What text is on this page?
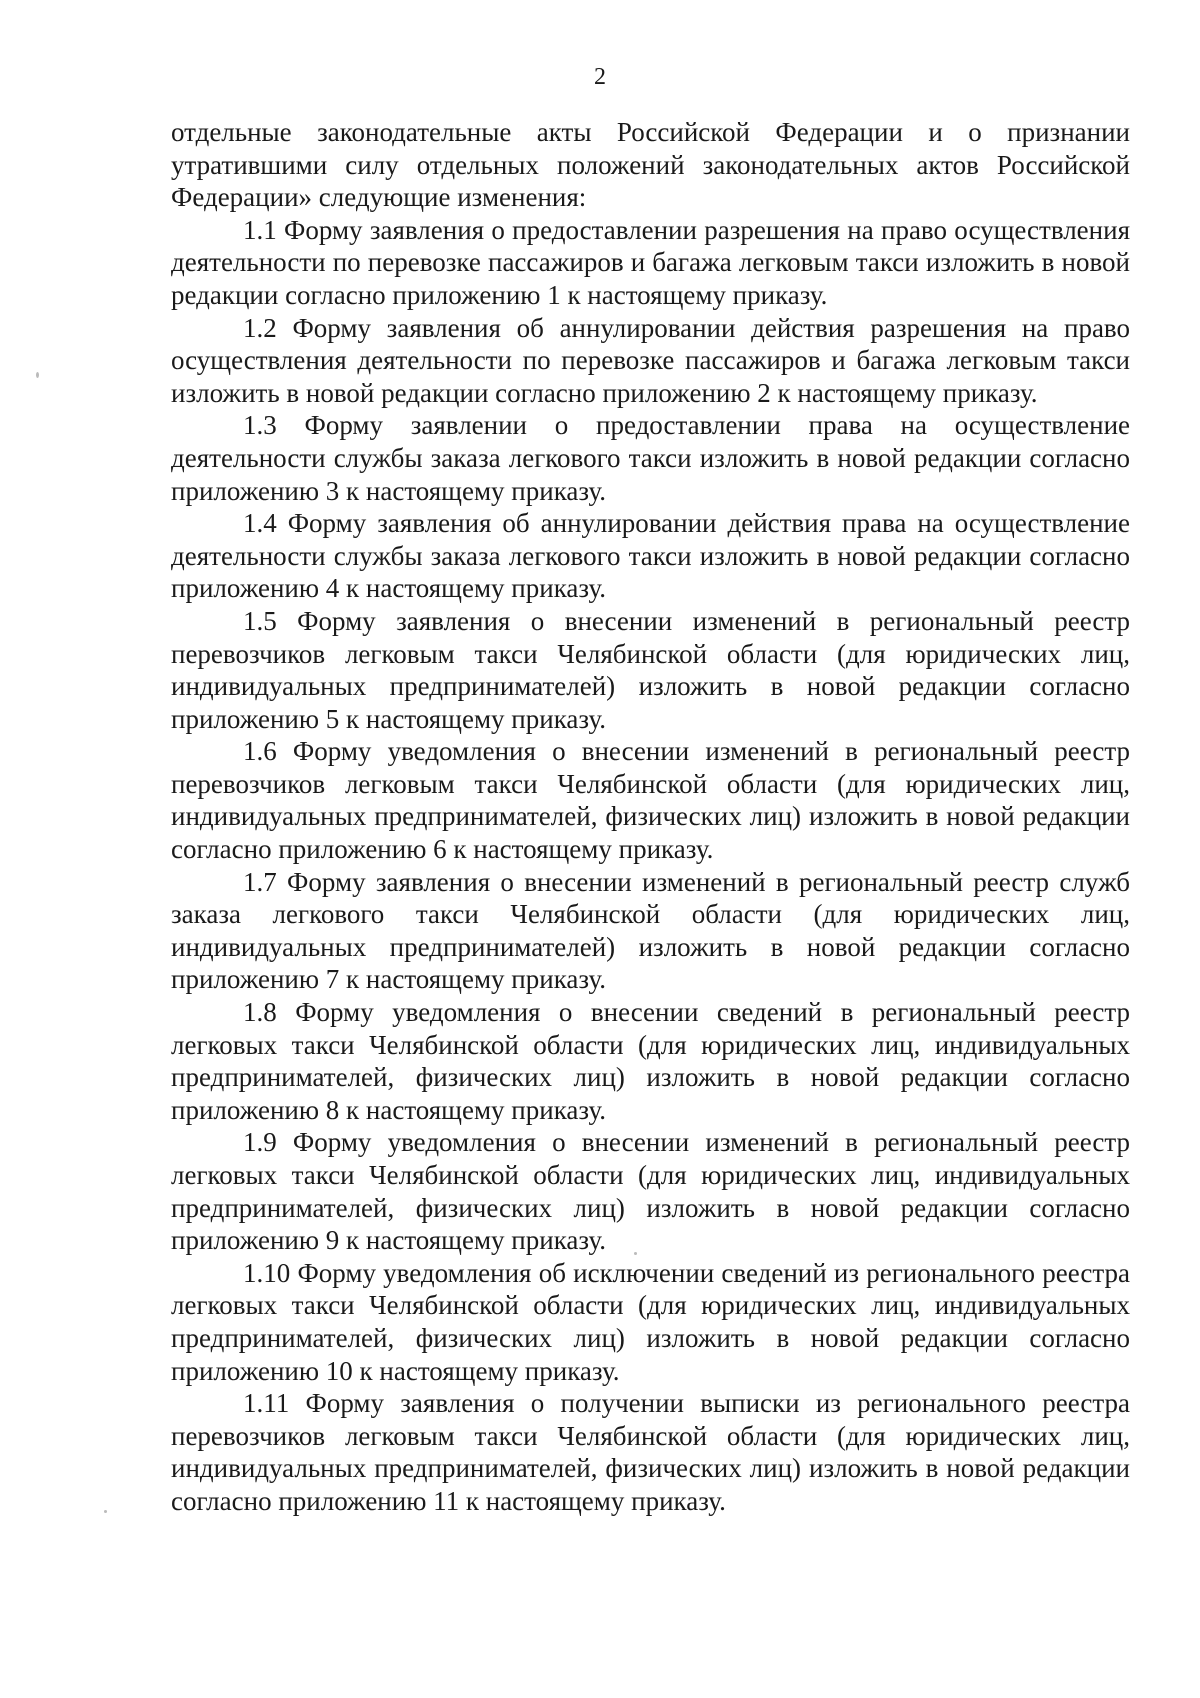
2

отдельные законодательные акты Российской Федерации и о признании утратившими силу отдельных положений законодательных актов Российской Федерации» следующие изменения:

1.1 Форму заявления о предоставлении разрешения на право осуществления деятельности по перевозке пассажиров и багажа легковым такси изложить в новой редакции согласно приложению 1 к настоящему приказу.

1.2 Форму заявления об аннулировании действия разрешения на право осуществления деятельности по перевозке пассажиров и багажа легковым такси изложить в новой редакции согласно приложению 2 к настоящему приказу.

1.3 Форму заявлении о предоставлении права на осуществление деятельности службы заказа легкового такси изложить в новой редакции согласно приложению 3 к настоящему приказу.

1.4 Форму заявления об аннулировании действия права на осуществление деятельности службы заказа легкового такси изложить в новой редакции согласно приложению 4 к настоящему приказу.

1.5 Форму заявления о внесении изменений в региональный реестр перевозчиков легковым такси Челябинской области (для юридических лиц, индивидуальных предпринимателей) изложить в новой редакции согласно приложению 5 к настоящему приказу.

1.6 Форму уведомления о внесении изменений в региональный реестр перевозчиков легковым такси Челябинской области (для юридических лиц, индивидуальных предпринимателей, физических лиц) изложить в новой редакции согласно приложению 6 к настоящему приказу.

1.7 Форму заявления о внесении изменений в региональный реестр служб заказа легкового такси Челябинской области (для юридических лиц, индивидуальных предпринимателей) изложить в новой редакции согласно приложению 7 к настоящему приказу.

1.8 Форму уведомления о внесении сведений в региональный реестр легковых такси Челябинской области (для юридических лиц, индивидуальных предпринимателей, физических лиц) изложить в новой редакции согласно приложению 8 к настоящему приказу.

1.9 Форму уведомления о внесении изменений в региональный реестр легковых такси Челябинской области (для юридических лиц, индивидуальных предпринимателей, физических лиц) изложить в новой редакции согласно приложению 9 к настоящему приказу.

1.10 Форму уведомления об исключении сведений из регионального реестра легковых такси Челябинской области (для юридических лиц, индивидуальных предпринимателей, физических лиц) изложить в новой редакции согласно приложению 10 к настоящему приказу.

1.11 Форму заявления о получении выписки из регионального реестра перевозчиков легковым такси Челябинской области (для юридических лиц, индивидуальных предпринимателей, физических лиц) изложить в новой редакции согласно приложению 11 к настоящему приказу.
